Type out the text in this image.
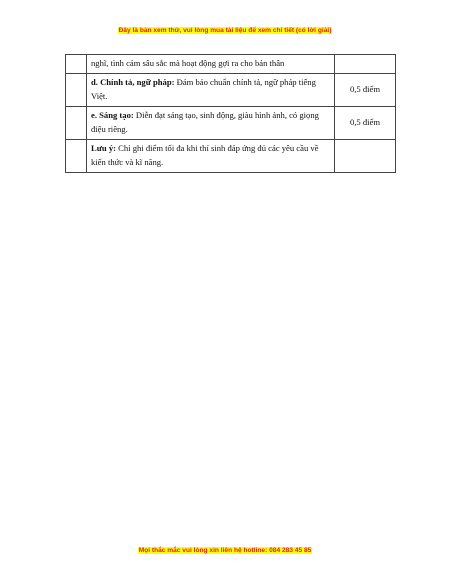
Đây là bản xem thử, vui lòng mua tài liệu để xem chi tiết (có lời giải)
	nghĩ, tình cảm sâu sắc mà hoạt động gợi ra cho bản thân	
	d. Chính tả, ngữ pháp: Đảm bảo chuẩn chính tả, ngữ pháp tiếng Việt.	0,5 điểm
	e. Sáng tạo: Diễn đạt sáng tạo, sinh động, giàu hình ảnh, có giọng điệu riêng.	0,5 điểm
	Lưu ý: Chỉ ghi điểm tối đa khi thí sinh đáp ứng đủ các yêu cầu về kiến thức và kĩ năng.	
Mọi thắc mắc vui lòng xin liên hệ hotline: 084 283 45 85
